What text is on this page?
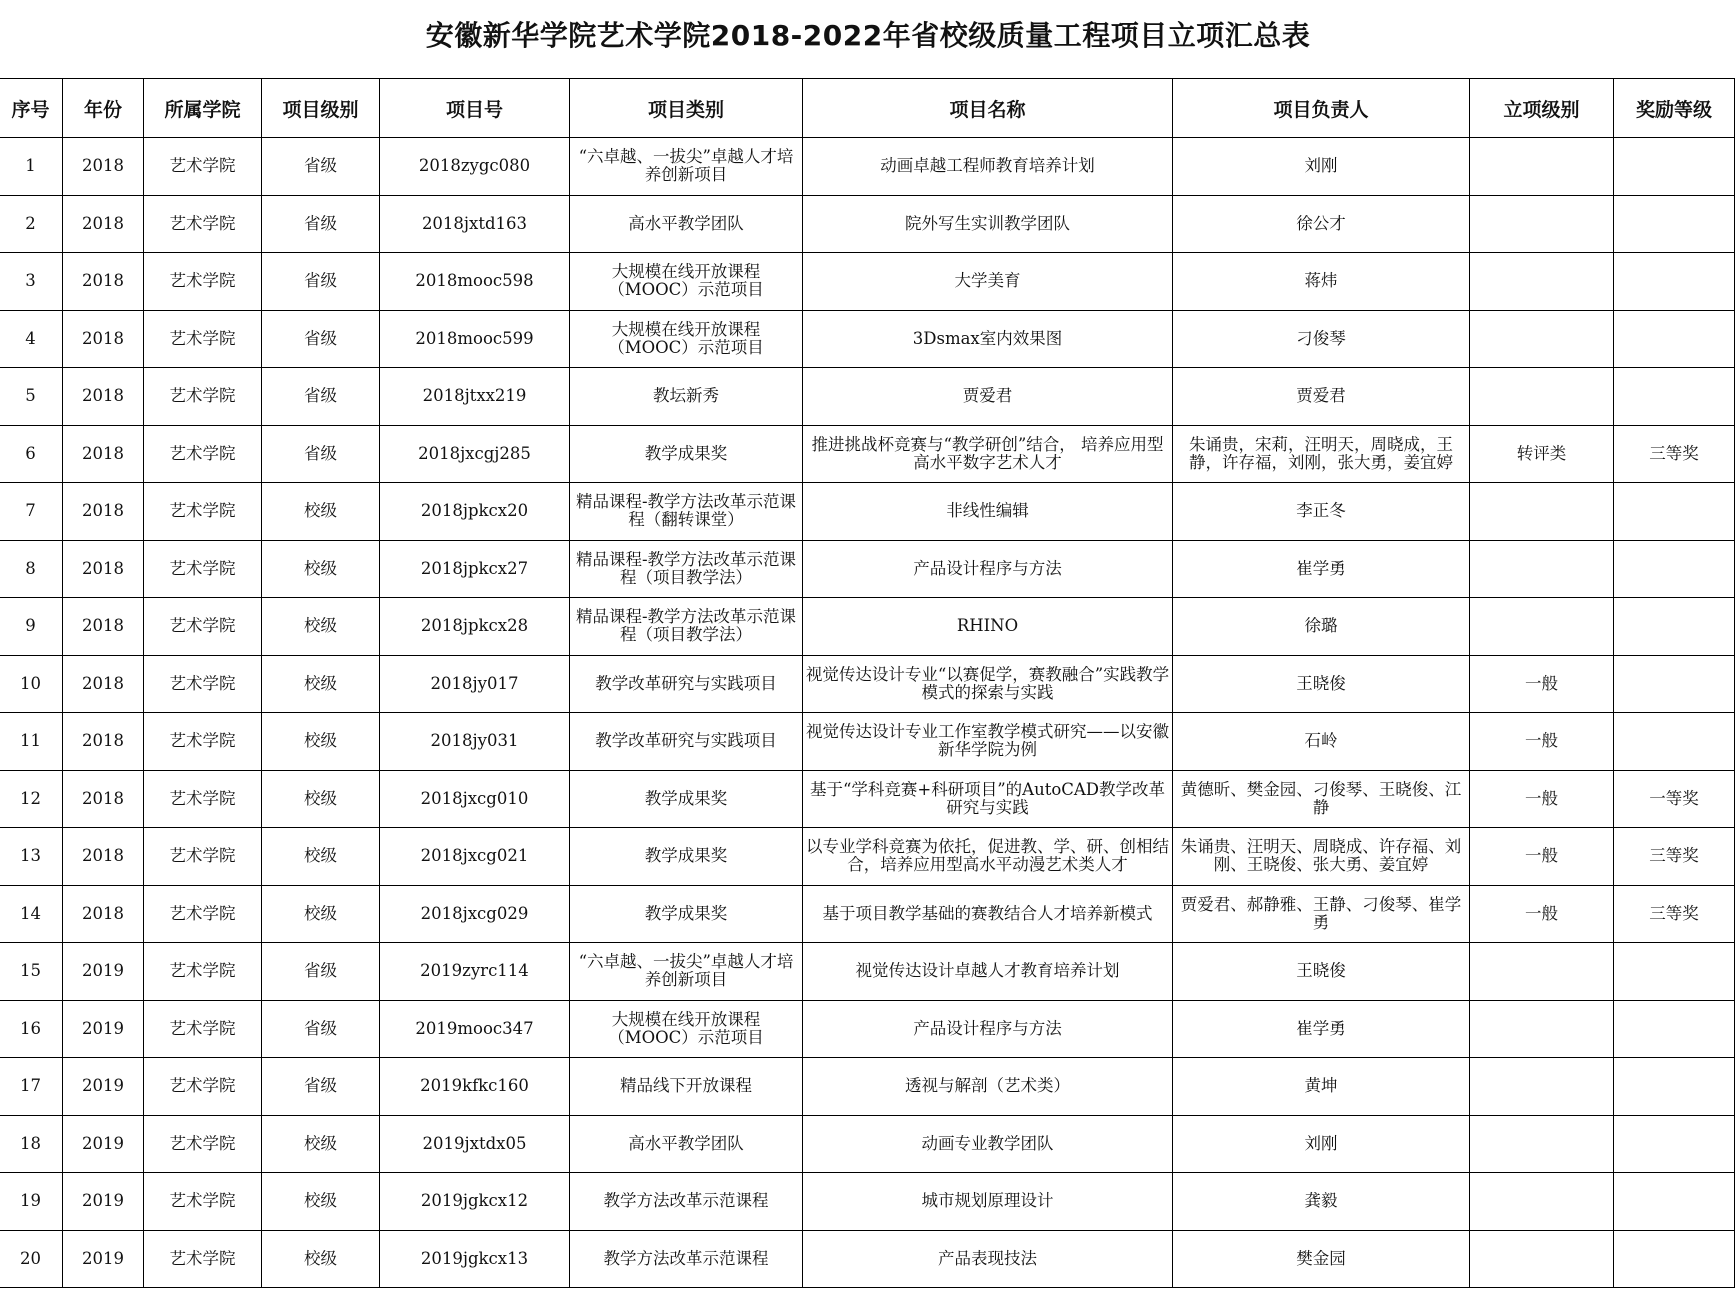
安徽新华学院艺术学院2018-2022年省校级质量工程项目立项汇总表
序号	年份	所属学院	项目级别	项目号	项目类别	项目名称	项目负责人	立项级别	奖励等级
1	2018	艺术学院	省级	2018zygc080	“六卓越、一拔尖”卓越人才培养创新项目	动画卓越工程师教育培养计划	刘刚		
2	2018	艺术学院	省级	2018jxtd163	高水平教学团队	院外写生实训教学团队	徐公才		
3	2018	艺术学院	省级	2018mooc598	大规模在线开放课程（MOOC）示范项目	大学美育	蒋炜		
4	2018	艺术学院	省级	2018mooc599	大规模在线开放课程（MOOC）示范项目	3Dsmax室内效果图	刁俊琴		
5	2018	艺术学院	省级	2018jtxx219	教坛新秀	贾爱君	贾爱君		
6	2018	艺术学院	省级	2018jxcgj285	教学成果奖	推进挑战杯竞赛与“教学研创”结合， 培养应用型高水平数字艺术人才	朱诵贵，宋莉，汪明天，周晓成，王静，许存福，刘刚，张大勇，姜宜婷	转评类	三等奖
7	2018	艺术学院	校级	2018jpkcx20	精品课程-教学方法改革示范课程（翻转课堂）	非线性编辑	李正冬		
8	2018	艺术学院	校级	2018jpkcx27	精品课程-教学方法改革示范课程（项目教学法）	产品设计程序与方法	崔学勇		
9	2018	艺术学院	校级	2018jpkcx28	精品课程-教学方法改革示范课程（项目教学法）	RHINO	徐璐		
10	2018	艺术学院	校级	2018jy017	教学改革研究与实践项目	视觉传达设计专业“以赛促学，赛教融合”实践教学模式的探索与实践	王晓俊	一般	
11	2018	艺术学院	校级	2018jy031	教学改革研究与实践项目	视觉传达设计专业工作室教学模式研究——以安徽新华学院为例	石岭	一般	
12	2018	艺术学院	校级	2018jxcg010	教学成果奖	基于“学科竞赛+科研项目”的AutoCAD教学改革研究与实践	黄德昕、樊金园、刁俊琴、王晓俊、江静	一般	一等奖
13	2018	艺术学院	校级	2018jxcg021	教学成果奖	以专业学科竞赛为依托，促进教、学、研、创相结合，培养应用型高水平动漫艺术类人才	朱诵贵、汪明天、周晓成、许存福、刘刚、王晓俊、张大勇、姜宜婷	一般	三等奖
14	2018	艺术学院	校级	2018jxcg029	教学成果奖	基于项目教学基础的赛教结合人才培养新模式	贾爱君、郝静雅、王静、刁俊琴、崔学勇	一般	三等奖
15	2019	艺术学院	省级	2019zyrc114	“六卓越、一拔尖”卓越人才培养创新项目	视觉传达设计卓越人才教育培养计划	王晓俊		
16	2019	艺术学院	省级	2019mooc347	大规模在线开放课程（MOOC）示范项目	产品设计程序与方法	崔学勇		
17	2019	艺术学院	省级	2019kfkc160	精品线下开放课程	透视与解剖（艺术类）	黄坤		
18	2019	艺术学院	校级	2019jxtdx05	高水平教学团队	动画专业教学团队	刘刚		
19	2019	艺术学院	校级	2019jgkcx12	教学方法改革示范课程	城市规划原理设计	龚毅		
20	2019	艺术学院	校级	2019jgkcx13	教学方法改革示范课程	产品表现技法	樊金园		
